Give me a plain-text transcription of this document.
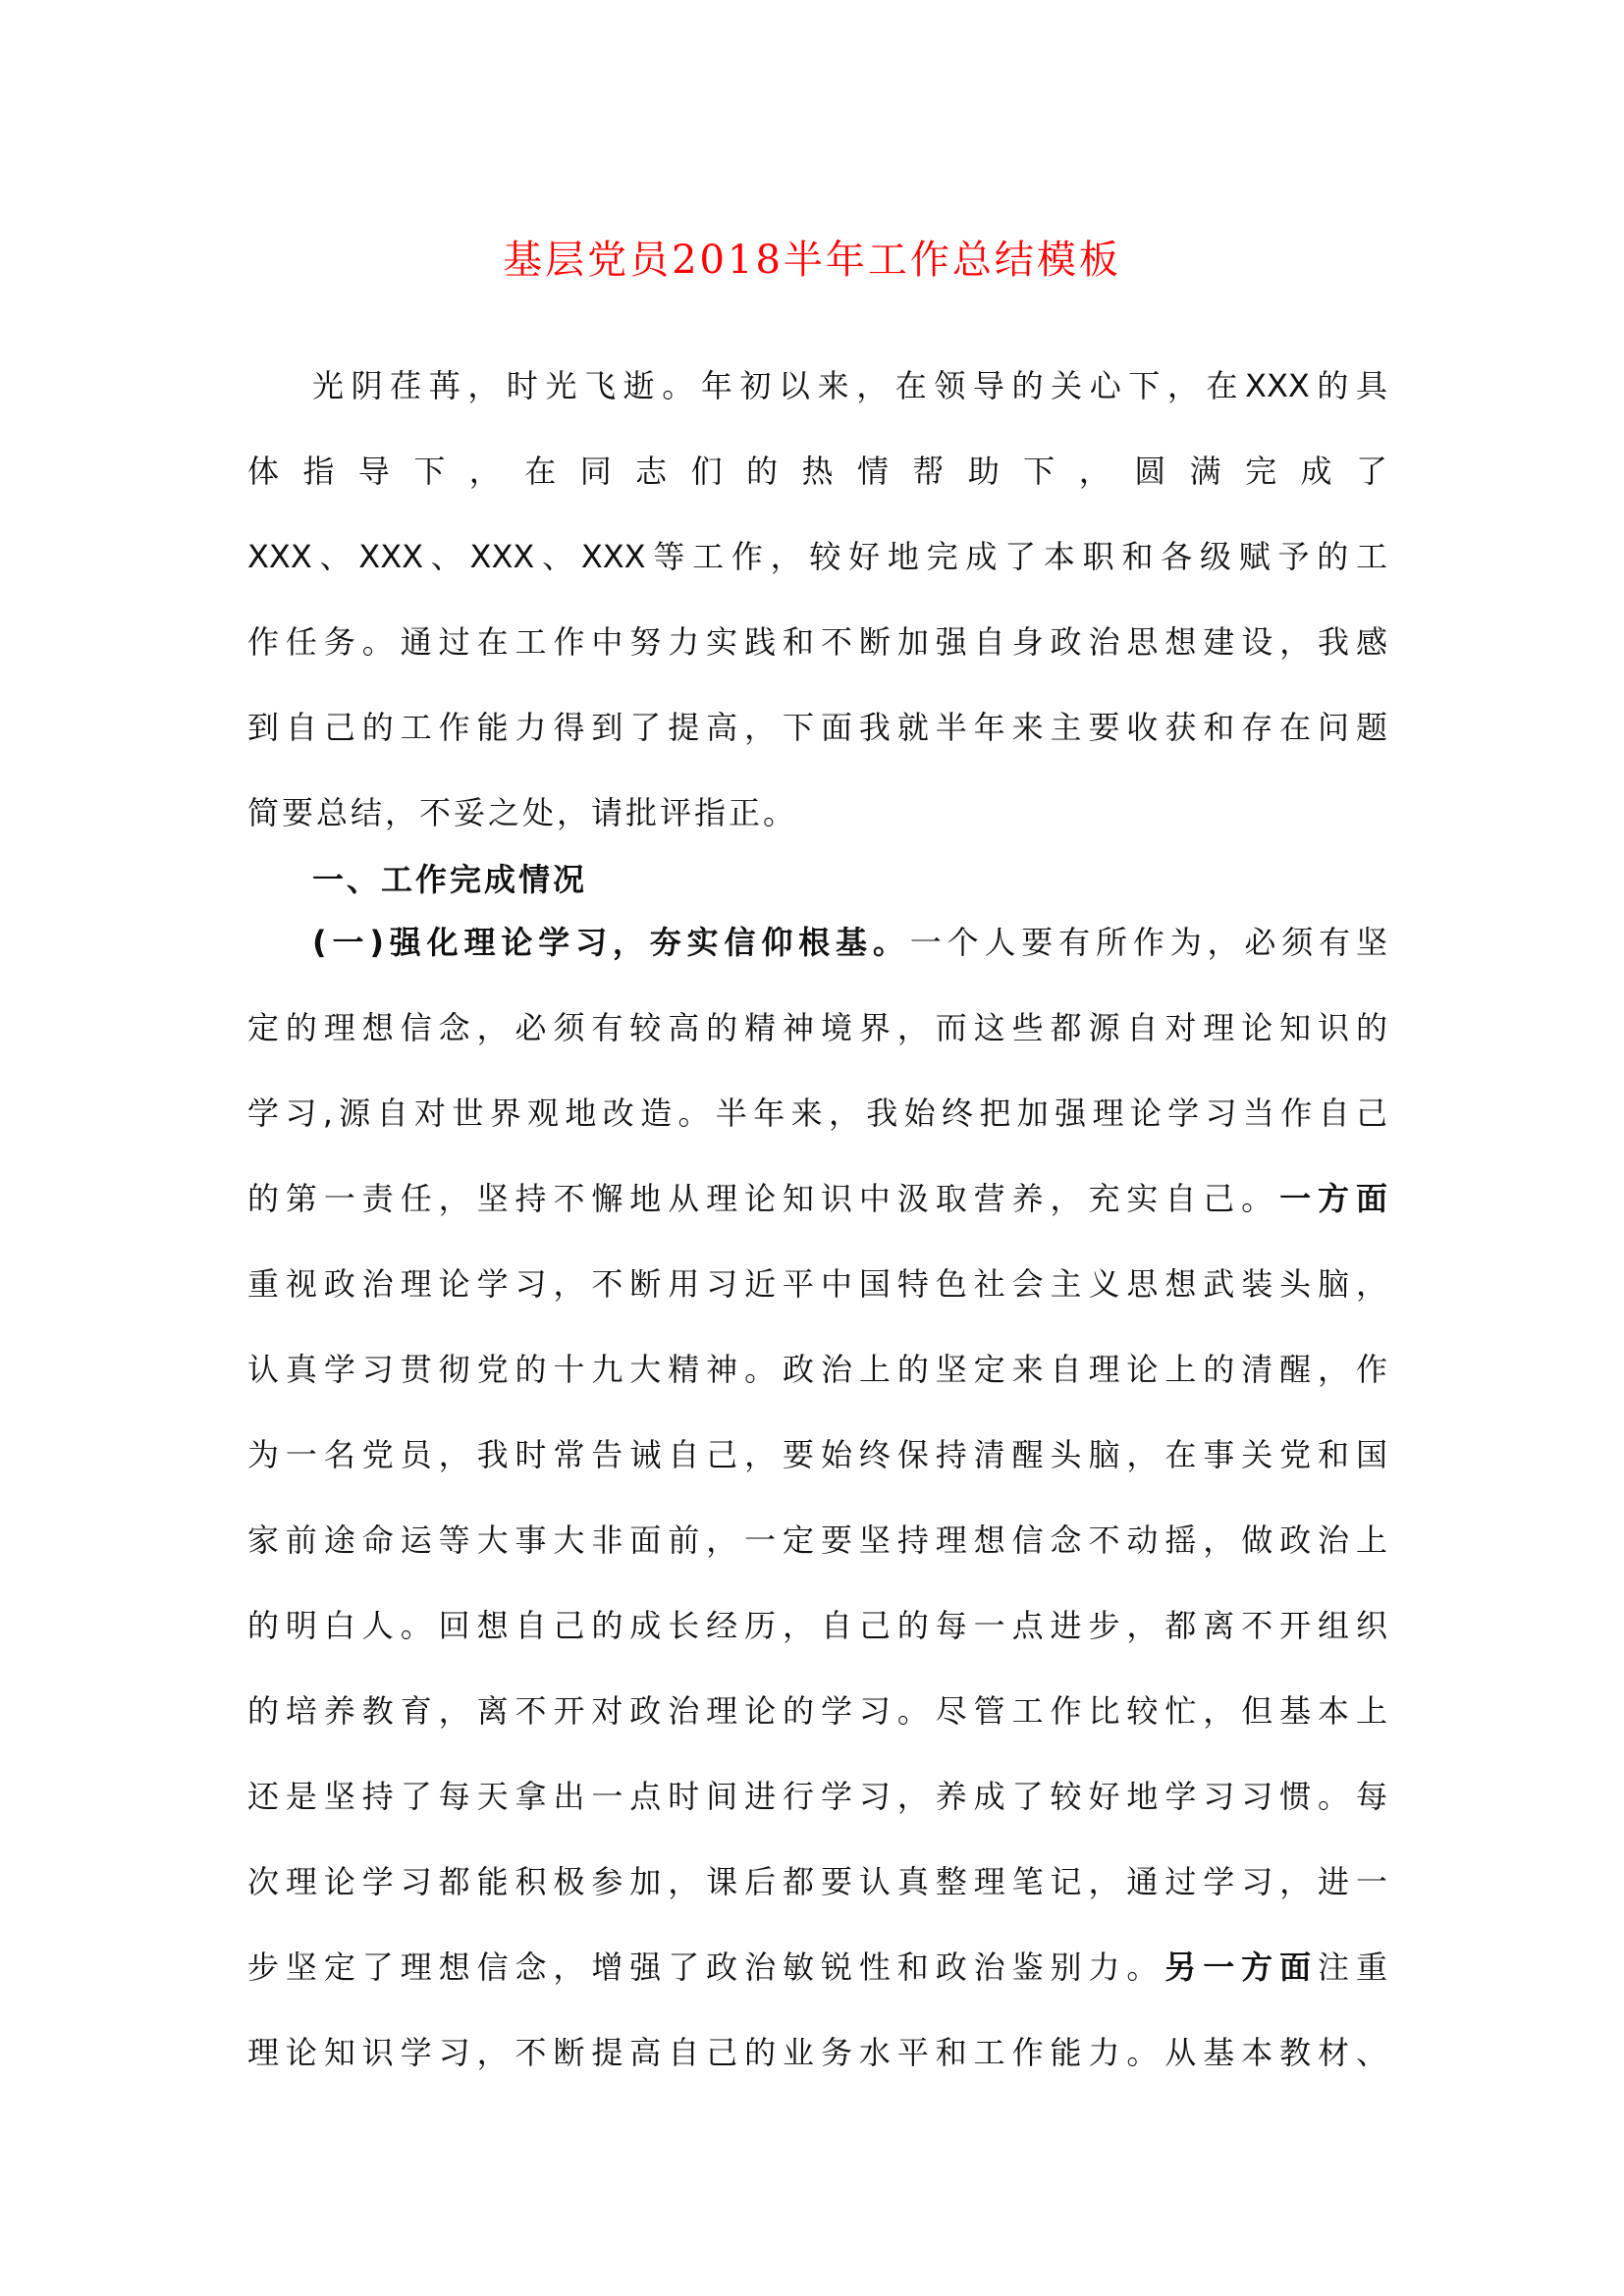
基层党员2018半年工作总结模板
光阴荏苒，时光飞逝。年初以来，在领导的关心下，在XXX的具
体指导下，在同志们的热情帮助下，圆满完成了
XXX、XXX、XXX、XXX等工作，较好地完成了本职和各级赋予的工
作任务。通过在工作中努力实践和不断加强自身政治思想建设，我感
到自己的工作能力得到了提高，下面我就半年来主要收获和存在问题
简要总结，不妥之处，请批评指正。
一、工作完成情况
(一)强化理论学习，夯实信仰根基。一个人要有所作为，必须有坚
定的理想信念，必须有较高的精神境界，而这些都源自对理论知识的
学习,源自对世界观地改造。半年来，我始终把加强理论学习当作自己
的第一责任，坚持不懈地从理论知识中汲取营养，充实自己。一方面
重视政治理论学习，不断用习近平中国特色社会主义思想武装头脑，
认真学习贯彻党的十九大精神。政治上的坚定来自理论上的清醒，作
为一名党员，我时常告诫自己，要始终保持清醒头脑，在事关党和国
家前途命运等大事大非面前，一定要坚持理想信念不动摇，做政治上
的明白人。回想自己的成长经历，自己的每一点进步，都离不开组织
的培养教育，离不开对政治理论的学习。尽管工作比较忙，但基本上
还是坚持了每天拿出一点时间进行学习，养成了较好地学习习惯。每
次理论学习都能积极参加，课后都要认真整理笔记，通过学习，进一
步坚定了理想信念，增强了政治敏锐性和政治鉴别力。另一方面注重
理论知识学习，不断提高自己的业务水平和工作能力。从基本教材、
